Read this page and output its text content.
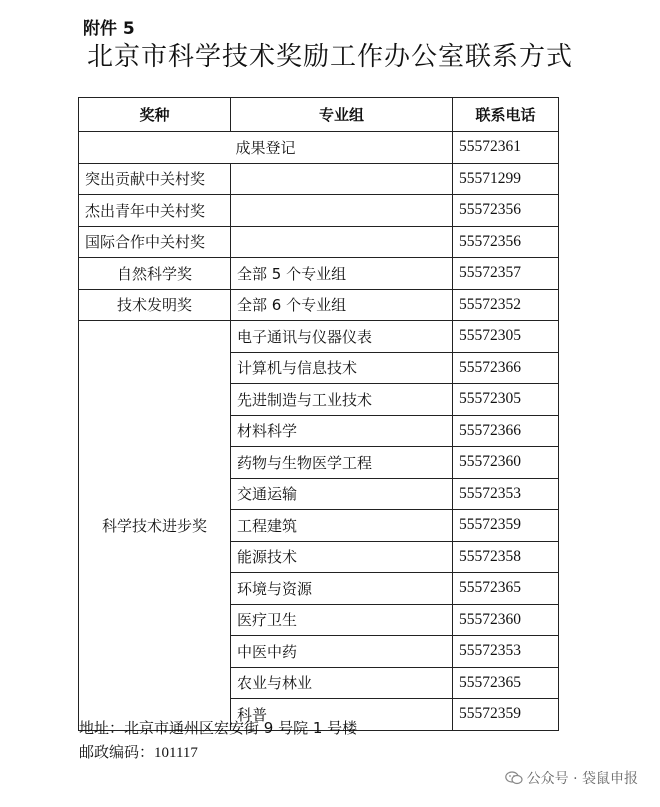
附件 5
北京市科学技术奖励工作办公室联系方式
奖种	专业组	联系电话
成果登记		55572361
突出贡献中关村奖		55571299
杰出青年中关村奖		55572356
国际合作中关村奖		55572356
自然科学奖	全部 5 个专业组	55572357
技术发明奖	全部 6 个专业组	55572352
科学技术进步奖	电子通讯与仪器仪表	55572305
	计算机与信息技术	55572366
	先进制造与工业技术	55572305
	材料科学	55572366
	药物与生物医学工程	55572360
	交通运输	55572353
	工程建筑	55572359
	能源技术	55572358
	环境与资源	55572365
	医疗卫生	55572360
	中医中药	55572353
	农业与林业	55572365
	科普	55572359
地址：北京市通州区宏安街 9 号院 1 号楼
邮政编码：101117
公众号 · 袋鼠申报
